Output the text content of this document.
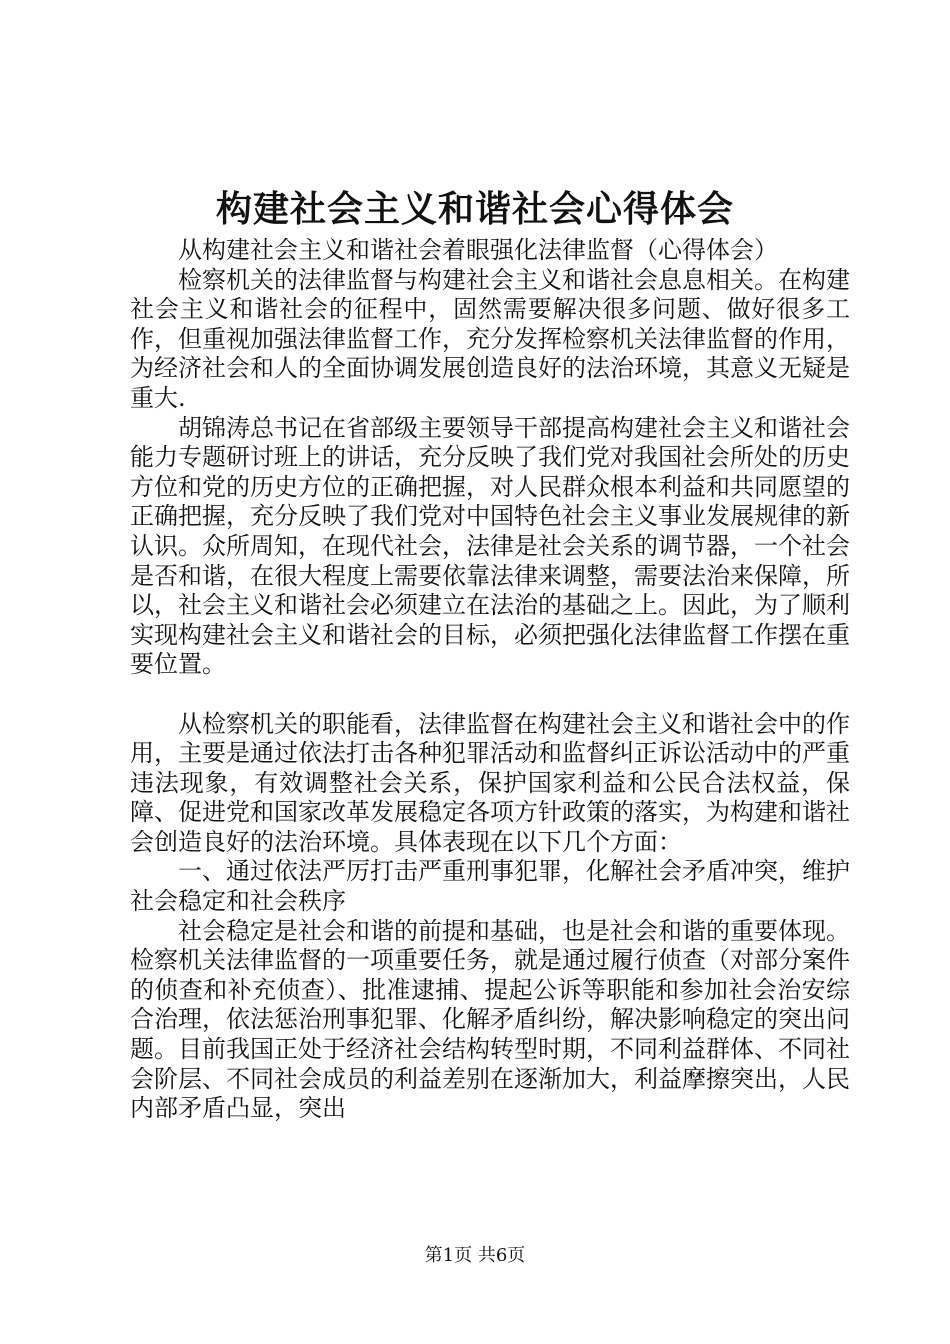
构建社会主义和谐社会心得体会

从构建社会主义和谐社会着眼强化法律监督（心得体会）

检察机关的法律监督与构建社会主义和谐社会息息相关。在构建社会主义和谐社会的征程中，固然需要解决很多问题、做好很多工作，但重视加强法律监督工作，充分发挥检察机关法律监督的作用，为经济社会和人的全面协调发展创造良好的法治环境，其意义无疑是重大.

胡锦涛总书记在省部级主要领导干部提高构建社会主义和谐社会能力专题研讨班上的讲话，充分反映了我们党对我国社会所处的历史方位和党的历史方位的正确把握，对人民群众根本利益和共同愿望的正确把握，充分反映了我们党对中国特色社会主义事业发展规律的新认识。众所周知，在现代社会，法律是社会关系的调节器，一个社会是否和谐，在很大程度上需要依靠法律来调整，需要法治来保障，所以，社会主义和谐社会必须建立在法治的基础之上。因此，为了顺利实现构建社会主义和谐社会的目标，必须把强化法律监督工作摆在重要位置。

从检察机关的职能看，法律监督在构建社会主义和谐社会中的作用，主要是通过依法打击各种犯罪活动和监督纠正诉讼活动中的严重违法现象，有效调整社会关系，保护国家利益和公民合法权益，保障、促进党和国家改革发展稳定各项方针政策的落实，为构建和谐社会创造良好的法治环境。具体表现在以下几个方面：

一、通过依法严厉打击严重刑事犯罪，化解社会矛盾冲突，维护社会稳定和社会秩序

社会稳定是社会和谐的前提和基础，也是社会和谐的重要体现。检察机关法律监督的一项重要任务，就是通过履行侦查（对部分案件的侦查和补充侦查）、批准逮捕、提起公诉等职能和参加社会治安综合治理，依法惩治刑事犯罪、化解矛盾纠纷，解决影响稳定的突出问题。目前我国正处于经济社会结构转型时期，不同利益群体、不同社会阶层、不同社会成员的利益差别在逐渐加大，利益摩擦突出，人民内部矛盾凸显，突出

第1页 共6页
